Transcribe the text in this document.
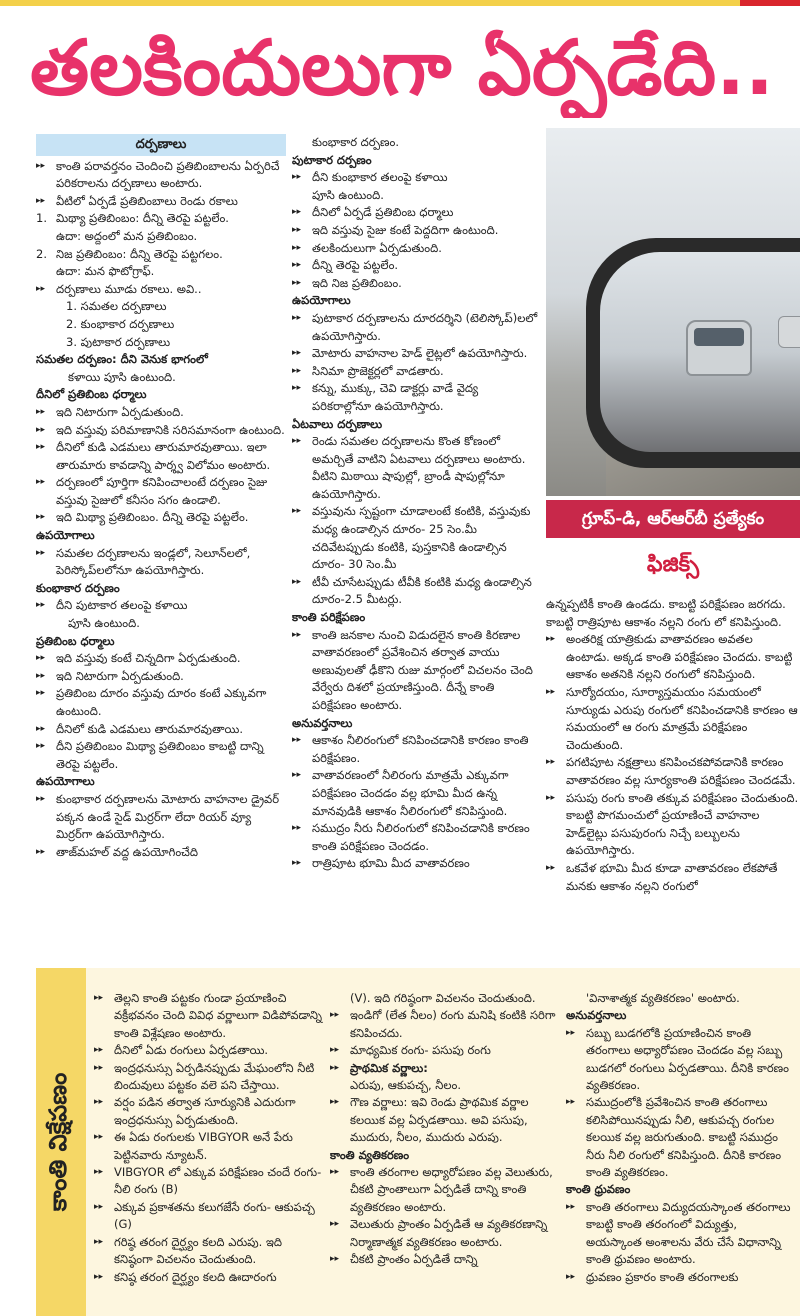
తలకిందులుగా ఏర్పడేది..
దర్పణాలు
▸▸ కాంతి పరావర్తనం చెందించి ప్రతిబింబాలను ఏర్పరిచే పరికరాలను దర్పణాలు అంటారు.
▸▸ వీటిలో ఏర్పడే ప్రతిబింబాలు రెండు రకాలు
1. మిథ్యా ప్రతిబింబం: దీన్ని తెరపై పట్టలేం.
ఉదా: అద్దంలో మన ప్రతిబింబం.
2. నిజ ప్రతిబింబం: దీన్ని తెరపై పట్టగలం.
ఉదా: మన ఫొటోగ్రాఫ్.
▸▸ దర్పణాలు మూడు రకాలు. అవి..
1. సమతల దర్పణాలు
2. కుంభాకార దర్పణాలు
3. పుటాకార దర్పణాలు
సమతల దర్పణం: దీని వెనుక భాగంలో
కళాయి పూసి ఉంటుంది.
దీనిలో ప్రతిబింబ ధర్మాలు
▸▸ ఇది నిటారుగా ఏర్పడుతుంది.
▸▸ ఇది వస్తువు పరిమాణానికి సరిసమానంగా ఉంటుంది.
▸▸ దీనిలో కుడి ఎడమలు తారుమారవుతాయి. ఇలా తారుమారు కావడాన్ని పార్శ్వ విలోమం అంటారు.
▸▸ దర్పణంలో పూర్తిగా కనిపించాలంటే దర్పణం సైజు వస్తువు సైజులో కనీసం సగం ఉండాలి.
▸▸ ఇది మిథ్యా ప్రతిబింబం. దీన్ని తెరపై పట్టలేం.
ఉపయోగాలు
▸▸ సమతల దర్పణాలను ఇండ్లలో, సెలూన్‌లలో, పెరిస్కోప్‌లలోనూ ఉపయోగిస్తారు.
కుంభాకార దర్పణం
▸▸ దీని పుటాకార తలంపై కళాయి
పూసి ఉంటుంది.
ప్రతిబింబ ధర్మాలు
▸▸ ఇది వస్తువు కంటే చిన్నదిగా ఏర్పడుతుంది.
▸▸ ఇది నిటారుగా ఏర్పడుతుంది.
▸▸ ప్రతిబింబ దూరం వస్తువు దూరం కంటే ఎక్కువగా ఉంటుంది.
▸▸ దీనిలో కుడి ఎడమలు తారుమారవుతాయి.
▸▸ దీని ప్రతిబింబం మిథ్యా ప్రతిబింబం కాబట్టి దాన్ని తెరపై పట్టలేం.
ఉపయోగాలు
▸▸ కుంభాకార దర్పణాలను మోటారు వాహనాల డ్రైవర్ పక్కన ఉండే సైడ్ మిర్రర్‌గా లేదా రియర్ వ్యూ మిర్రర్‌గా ఉపయోగిస్తారు.
▸▸ తాజ్‌మహల్ వద్ద ఉపయోగించేది
కుంభాకార దర్పణం.
పుటాకార దర్పణం
▸▸ దీని కుంభాకార తలంపై కళాయి
పూసి ఉంటుంది.
▸▸ దీనిలో ఏర్పడే ప్రతిబింబ ధర్మాలు
▸▸ ఇది వస్తువు సైజు కంటే పెద్దదిగా ఉంటుంది.
▸▸ తలకిందులుగా ఏర్పడుతుంది.
▸▸ దీన్ని తెరపై పట్టలేం.
▸▸ ఇది నిజ ప్రతిబింబం.
ఉపయోగాలు
▸▸ పుటాకార దర్పణాలను దూరదర్శిని (టెలిస్కోప్)లలో ఉపయోగిస్తారు.
▸▸ మోటారు వాహనాల హెడ్ లైట్లలో ఉపయోగిస్తారు.
▸▸ సినిమా ప్రొజెక్టర్లలో వాడతారు.
▸▸ కన్ను, ముక్కు, చెవి డాక్టర్లు వాడే వైద్య పరికరాల్లోనూ ఉపయోగిస్తారు.
ఏటవాలు దర్పణాలు
▸▸ రెండు సమతల దర్పణాలను కొంత కోణంలో అమర్చితే వాటిని ఏటవాలు దర్పణాలు అంటారు. వీటిని మిఠాయి షాపుల్లో, బ్రాండీ షాపుల్లోనూ ఉపయోగిస్తారు.
▸▸ వస్తువును స్పష్టంగా చూడాలంటే కంటికి, వస్తువుకు మధ్య ఉండాల్సిన దూరం- 25 సెం.మీ
చదివేటప్పుడు కంటికి, పుస్తకానికి ఉండాల్సిన దూరం- 30 సెం.మీ
▸▸ టీవీ చూసేటప్పుడు టీవీకి కంటికి మధ్య ఉండాల్సిన దూరం-2.5 మీటర్లు.
కాంతి పరిక్షేపణం
▸▸ కాంతి జనకాల నుంచి విడుదలైన కాంతి కిరణాల వాతావరణంలో ప్రవేశించిన తర్వాత వాయు అణువులతో ఢీకొని రుజు మార్గంలో విచలనం చెంది వేర్వేరు దిశలో ప్రయాణిస్తుంది. దీన్నే కాంతి పరిక్షేపణం అంటారు.
అనువర్తనాలు
▸▸ ఆకాశం నీలిరంగులో కనిపించడానికి కారణం కాంతి పరిక్షేపణం.
▸▸ వాతావరణంలో నీలిరంగు మాత్రమే ఎక్కువగా పరిక్షేపణం చెందడం వల్ల భూమి మీద ఉన్న మానవుడికి ఆకాశం నీలిరంగులో కనిపిస్తుంది.
▸▸ సముద్రం నీరు నీలిరంగులో కనిపించడానికి కారణం కాంతి పరిక్షేపణం చెందడం.
▸▸ రాత్రిపూట భూమి మీద వాతావరణం
గ్రూప్-డి, ఆర్ఆర్‌బీ ప్రత్యేకం
ఫిజిక్స్
ఉన్నప్పటికీ కాంతి ఉండదు. కాబట్టి పరిక్షేపణం జరగదు. కాబట్టి రాత్రిపూట ఆకాశం నల్లని రంగు లో కనిపిస్తుంది.
▸▸ అంతరిక్ష యాత్రికుడు వాతావరణం అవతల ఉంటాడు. అక్కడ కాంతి పరిక్షేపణం చెందదు. కాబట్టి ఆకాశం అతనికి నల్లని రంగులో కనిపిస్తుంది.
▸▸ సూర్యోదయం, సూర్యాస్తమయం సమయంలో సూర్యుడు ఎరుపు రంగులో కనిపించడానికి కారణం ఆ సమయంలో ఆ రంగు మాత్రమే పరిక్షేపణం చెందుతుంది.
▸▸ పగటిపూట నక్షత్రాలు కనిపించకపోవడానికి కారణం వాతావరణం వల్ల సూర్యకాంతి పరిక్షేపణం చెందడమే.
▸▸ పసుపు రంగు కాంతి తక్కువ పరిక్షేపణం చెందుతుంది. కాబట్టి పొగమంచులో ప్రయాణించే వాహనాల హెడ్‌లైట్లు పసుపురంగు నిచ్చే బల్బులను ఉపయోగిస్తారు.
▸▸ ఒకవేళ భూమి మీద కూడా వాతావరణం లేకపోతే మనకు ఆకాశం నల్లని రంగులో
కాంతి విక్షేపణం
▸▸ తెల్లని కాంతి పట్టకం గుండా ప్రయాణించి వక్రీభవనం చెంది వివిధ వర్ణాలుగా విడిపోవడాన్ని కాంతి విశ్లేషణం అంటారు.
▸▸ దీనిలో ఏడు రంగులు ఏర్పడతాయి.
▸▸ ఇంద్రధనుస్సు ఏర్పడినప్పుడు మేఘంలోని నీటి బిందువులు పట్టకం వలె పని చేస్తాయి.
▸▸ వర్షం పడిన తర్వాత సూర్యునికి ఎదురుగా ఇంద్రధనుస్సు ఏర్పడుతుంది.
▸▸ ఈ ఏడు రంగులకు VIBGYOR అనే పేరు పెట్టినవారు న్యూటన్.
▸▸ VIBGYOR లో ఎక్కువ పరిక్షేపణం చందే రంగు- నీలి రంగు (B)
▸▸ ఎక్కువ ప్రకాశతను కలుగజేసే రంగు- ఆకుపచ్చ (G)
▸▸ గరిష్ఠ తరంగ దైర్ఘ్యం కలది ఎరుపు. ఇది కనిష్ఠంగా విచలనం చెందుతుంది.
▸▸ కనిష్ఠ తరంగ దైర్ఘ్యం కలది ఊదారంగు
(V). ఇది గరిష్ఠంగా విచలనం చెందుతుంది.
▸▸ ఇండిగో (లేత నీలం) రంగు మనిషి కంటికి సరిగా కనిపించదు.
▸▸ మాధ్యమిక రంగు- పసుపు రంగు
▸▸ ప్రాథమిక వర్ణాలు:
ఎరుపు, ఆకుపచ్చ, నీలం.
▸▸ గౌణ వర్ణాలు: ఇవి రెండు ప్రాథమిక వర్ణాల కలయిక వల్ల ఏర్పడతాయి. అవి పసుపు, ముదురు, నీలం, ముదురు ఎరుపు.
కాంతి వ్యతికరణం
▸▸ కాంతి తరంగాల అధ్యారోపణం వల్ల వెలుతురు, చీకటి ప్రాంతాలుగా ఏర్పడితే దాన్ని కాంతి వ్యతికరణం అంటారు.
▸▸ వెలుతురు ప్రాంతం ఏర్పడితే ఆ వ్యతికరణాన్ని నిర్మాణాత్మక వ్యతికరణం అంటారు.
▸▸ చీకటి ప్రాంతం ఏర్పడితే దాన్ని
'వినాశాత్మక వ్యతికరణం' అంటారు.
అనువర్తనాలు
▸▸ సబ్బు బుడగలోకి ప్రయాణించిన కాంతి తరంగాలు అధ్యారోపణం చెందడం వల్ల సబ్బు బుడగలో రంగులు ఏర్పడతాయి. దీనికి కారణం వ్యతికరణం.
▸▸ సముద్రంలోకి ప్రవేశించిన కాంతి తరంగాలు కలిసిపోయినప్పుడు నీలి, ఆకుపచ్చ రంగుల కలయిక వల్ల జరుగుతుంది. కాబట్టి సముద్రం నీరు నీలి రంగులో కనిపిస్తుంది. దీనికి కారణం కాంతి వ్యతికరణం.
కాంతి ధ్రువణం
▸▸ కాంతి తరంగాలు విద్యుదయస్కాంత తరంగాలు కాబట్టి కాంతి తరంగంలో విద్యుత్తు, అయస్కాంత అంశాలను వేరు చేసే విధానాన్ని కాంతి ధ్రువణం అంటారు.
▸▸ ధ్రువణం ప్రకారం కాంతి తరంగాలకు
